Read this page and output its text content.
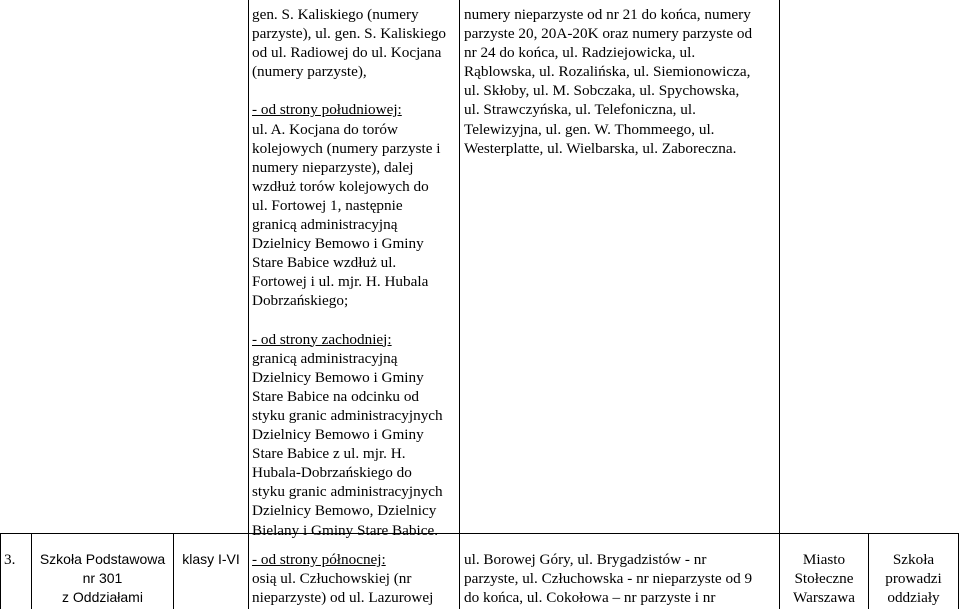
gen. S. Kaliskiego (numery
parzyste), ul. gen. S. Kaliskiego
od ul. Radiowej do ul. Kocjana
(numery parzyste),
- od strony południowej:
ul. A. Kocjana do torów
kolejowych (numery parzyste i
numery nieparzyste), dalej
wzdłuż torów kolejowych do
ul. Fortowej 1, następnie
granicą administracyjną
Dzielnicy Bemowo i Gminy
Stare Babice wzdłuż ul.
Fortowej i ul. mjr. H. Hubala
Dobrzańskiego;
- od strony zachodniej:
granicą administracyjną
Dzielnicy Bemowo i Gminy
Stare Babice na odcinku od
styku granic administracyjnych
Dzielnicy Bemowo i Gminy
Stare Babice z ul. mjr. H.
Hubala-Dobrzańskiego do
styku granic administracyjnych
Dzielnicy Bemowo, Dzielnicy
Bielany i Gminy Stare Babice.
numery nieparzyste od nr 21 do końca, numery
parzyste 20, 20A-20K oraz numery parzyste od
nr 24 do końca, ul. Radziejowicka, ul.
Rąblowska, ul. Rozalińska, ul. Siemionowicza,
ul. Skłoby, ul. M. Sobczaka, ul. Spychowska,
ul. Strawczyńska, ul. Telefoniczna, ul.
Telewizyjna, ul. gen. W. Thommeego, ul.
Westerplatte, ul. Wielbarska, ul. Zaboreczna.
3.	Szkoła Podstawowa
nr 301
z Oddziałami
klasy I-VI - od strony północnej:
osią ul. Człuchowskiej (nr
nieparzyste) od ul. Lazurowej
ul. Borowej Góry, ul. Brygadzistów - nr
parzyste, ul. Człuchowska - nr nieparzyste od 9
do końca, ul. Cokołowa – nr parzyste i nr
Miasto
Stołeczne
Warszawa
Szkoła
prowadzi
oddziały
